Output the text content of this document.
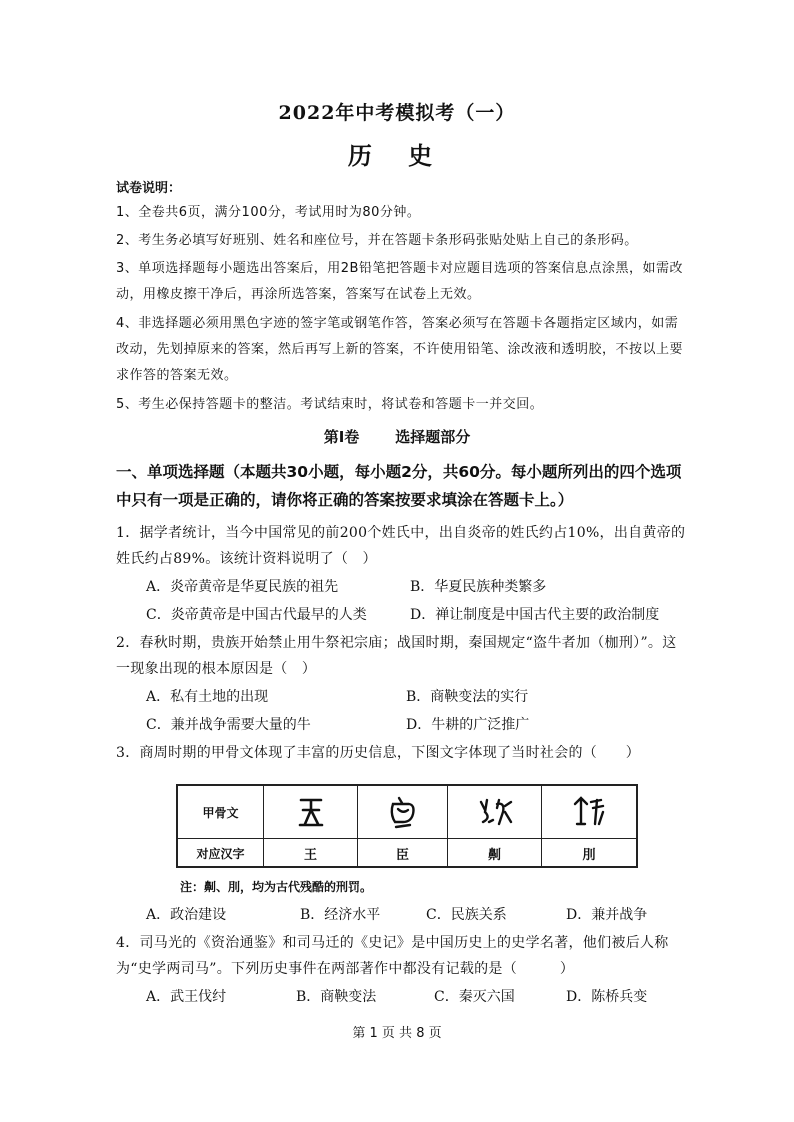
2022年中考模拟考（一）
历 史
试卷说明：
1、全卷共6页，满分100分，考试用时为80分钟。
2、考生务必填写好班别、姓名和座位号，并在答题卡条形码张贴处贴上自己的条形码。
3、单项选择题每小题选出答案后，用2B铅笔把答题卡对应题目选项的答案信息点涂黑，如需改动，用橡皮擦干净后，再涂所选答案，答案写在试卷上无效。
4、非选择题必须用黑色字迹的签字笔或钢笔作答，答案必须写在答题卡各题指定区域内，如需改动，先划掉原来的答案，然后再写上新的答案，不许使用铅笔、涂改液和透明胶，不按以上要求作答的答案无效。
5、考生必保持答题卡的整洁。考试结束时，将试卷和答题卡一并交回。
第Ⅰ卷 选择题部分
一、单项选择题（本题共30小题，每小题2分，共60分。每小题所列出的四个选项中只有一项是正确的，请你将正确的答案按要求填涂在答题卡上。）
1．据学者统计，当今中国常见的前200个姓氏中，出自炎帝的姓氏约占10%，出自黄帝的姓氏约占89%。该统计资料说明了（　）
A．炎帝黄帝是华夏民族的祖先	B．华夏民族种类繁多
C．炎帝黄帝是中国古代最早的人类	D．禅让制度是中国古代主要的政治制度
2．春秋时期，贵族开始禁止用牛祭祀宗庙；战国时期，秦国规定“盗牛者加（枷刑）”。这一现象出现的根本原因是（　）
A．私有土地的出现	B．商鞅变法的实行
C．兼并战争需要大量的牛	D．牛耕的广泛推广
3．商周时期的甲骨文体现了丰富的历史信息，下图文字体现了当时社会的（　　）
甲骨文
对应汉字	王	臣	劓	刖
注：劓、刖，均为古代残酷的刑罚。
A．政治建设	B．经济水平	C．民族关系	D．兼并战争
4．司马光的《资治通鉴》和司马迁的《史记》是中国历史上的史学名著，他们被后人称为“史学两司马”。下列历史事件在两部著作中都没有记载的是（　　　）
A．武王伐纣	B．商鞅变法	C．秦灭六国	D．陈桥兵变
第 1 页 共 8 页
